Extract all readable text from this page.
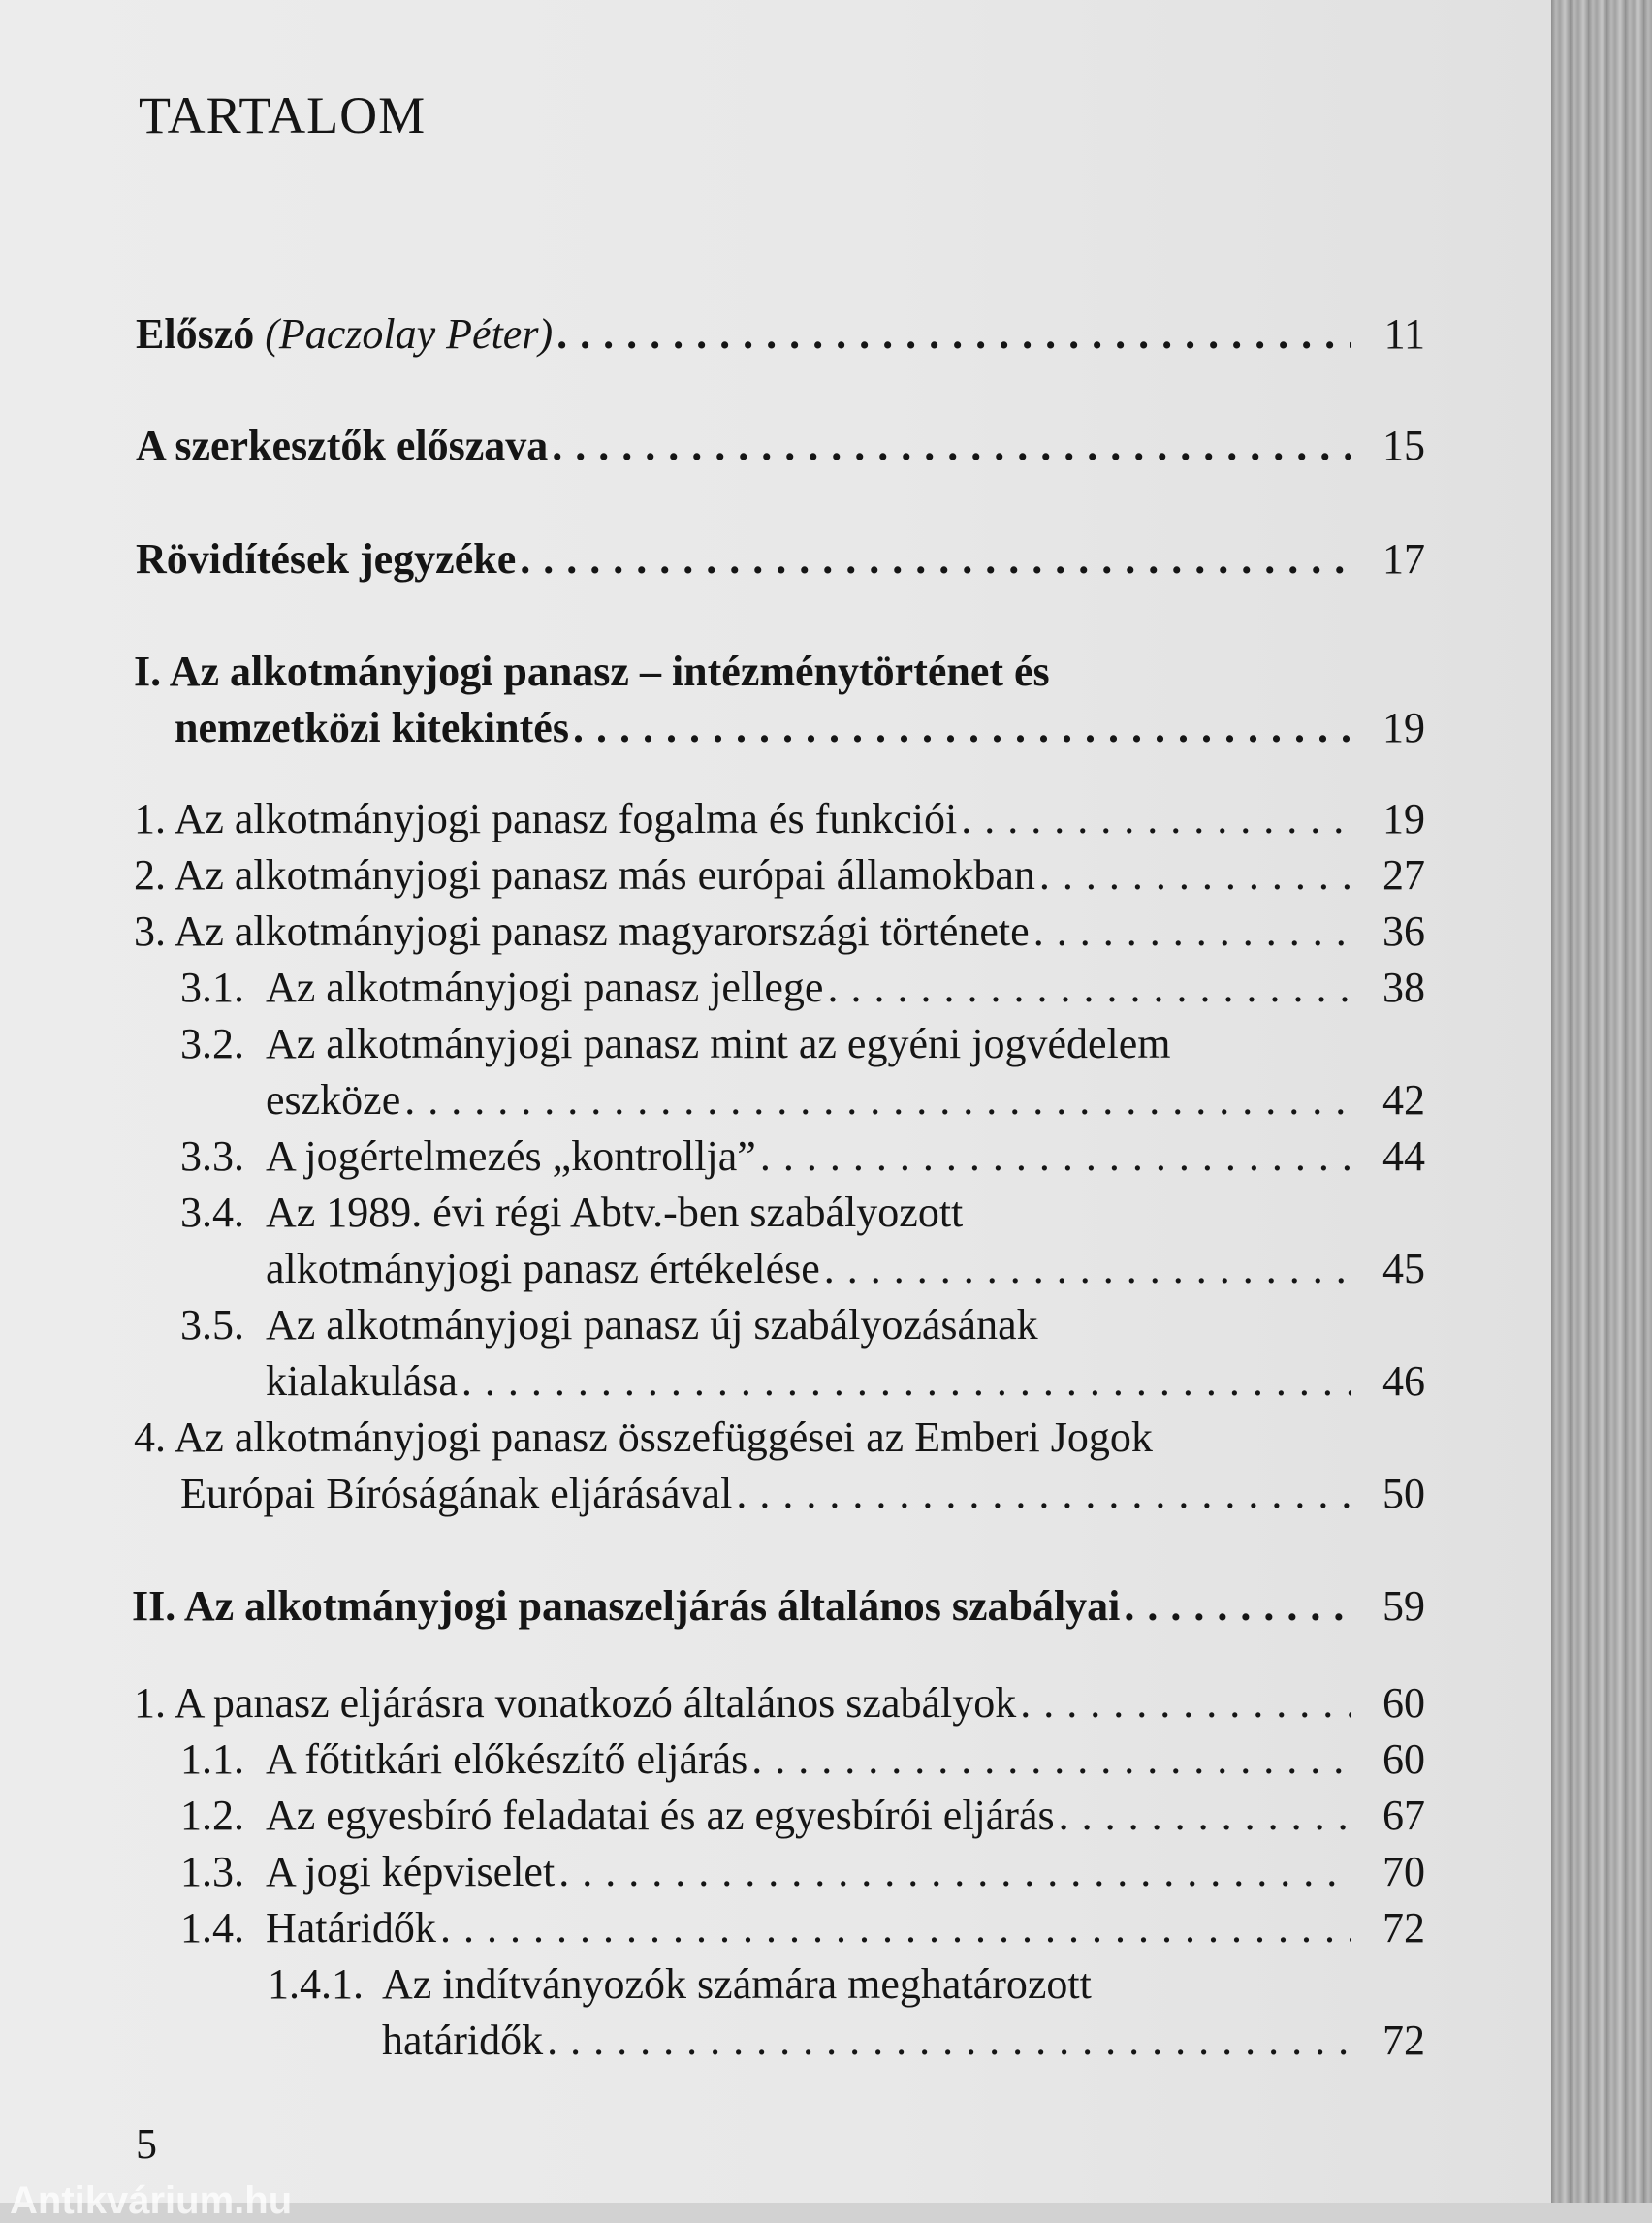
TARTALOM
Előszó (Paczolay Péter) . . .	11
A szerkesztők előszava . . .	15
Rövidítések jegyzéke . . .	17
I. Az alkotmányjogi panasz – intézménytörténet és
nemzetközi kitekintés . . .	19
1. Az alkotmányjogi panasz fogalma és funkciói . . .	19
2. Az alkotmányjogi panasz más európai államokban . . .	27
3. Az alkotmányjogi panasz magyarországi története . . .	36
3.1. Az alkotmányjogi panasz jellege . . .	38
3.2. Az alkotmányjogi panasz mint az egyéni jogvédelem
eszköze . . .	42
3.3. A jogértelmezés „kontrollja” . . .	44
3.4. Az 1989. évi régi Abtv.-ben szabályozott
alkotmányjogi panasz értékelése . . .	45
3.5. Az alkotmányjogi panasz új szabályozásának
kialakulása . . .	46
4. Az alkotmányjogi panasz összefüggései az Emberi Jogok
Európai Bíróságának eljárásával . . .	50
II. Az alkotmányjogi panaszeljárás általános szabályai . . .	59
1. A panasz eljárásra vonatkozó általános szabályok . . .	60
1.1. A főtitkári előkészítő eljárás . . .	60
1.2. Az egyesbíró feladatai és az egyesbírói eljárás . . .	67
1.3. A jogi képviselet . . .	70
1.4. Határidők . . .	72
1.4.1. Az indítványozók számára meghatározott
határidők . . .	72
5
Antikvárium.hu
